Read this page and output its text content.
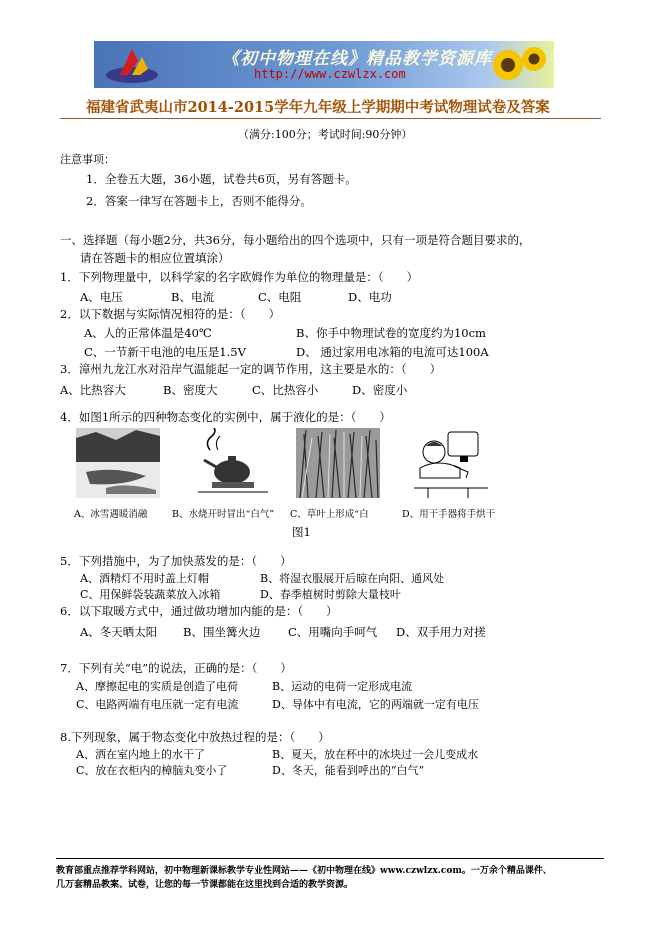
《初中物理在线》精品教学资源库
http://www.czwlzx.com
福建省武夷山市2014-2015学年九年级上学期期中考试物理试卷及答案
（满分:100分；考试时间:90分钟）
注意事项：
1．全卷五大题，36小题，试卷共6页，另有答题卡。
2．答案一律写在答题卡上，否则不能得分。
一、选择题（每小题2分，共36分，每小题给出的四个选项中，只有一项是符合题目要求的，
请在答题卡的相应位置填涂）
1．下列物理量中，以科学家的名字欧姆作为单位的物理量是：（　　）
A、电压	B、电流	C、电阻	D、电功
2．以下数据与实际情况相符的是：（　　）
A、人的正常体温是40℃	B、你手中物理试卷的宽度约为10cm
C、一节新干电池的电压是1.5V	D、 通过家用电冰箱的电流可达100A
3．漳州九龙江水对沿岸气温能起一定的调节作用，这主要是水的：（　　）
A、比热容大	B、密度大	C、比热容小	D、密度小
4．如图1所示的四种物态变化的实例中，属于液化的是：（　　）
A、冰雪遇暖消融	B、水烧开时冒出“白气” C、草叶上形成“白	D、用干手器将手烘干
图1
5．下列措施中，为了加快蒸发的是：（　　）
A、酒精灯不用时盖上灯帽	B、将湿衣服展开后晾在向阳、通风处
C、用保鲜袋装蔬菜放入冰箱	D、春季植树时剪除大量枝叶
6．以下取暖方式中，通过做功增加内能的是：（　　）
A、冬天晒太阳 B、围坐篝火边 C、用嘴向手呵气 D、双手用力对搓
7．下列有关“电”的说法，正确的是：（　　）
A、摩擦起电的实质是创造了电荷	B、运动的电荷一定形成电流
C、电路两端有电压就一定有电流	D、导体中有电流，它的两端就一定有电压
8.下列现象，属于物态变化中放热过程的是：（　　）
A、洒在室内地上的水干了	B、夏天，放在杯中的冰块过一会儿变成水
C、放在衣柜内的樟脑丸变小了	D、冬天，能看到呼出的“白气”
教育部重点推荐学科网站，初中物理新课标教学专业性网站——《初中物理在线》www.czwlzx.com。一万余个精品课件、
几万套精品教案、试卷，让您的每一节课都能在这里找到合适的教学资源。
